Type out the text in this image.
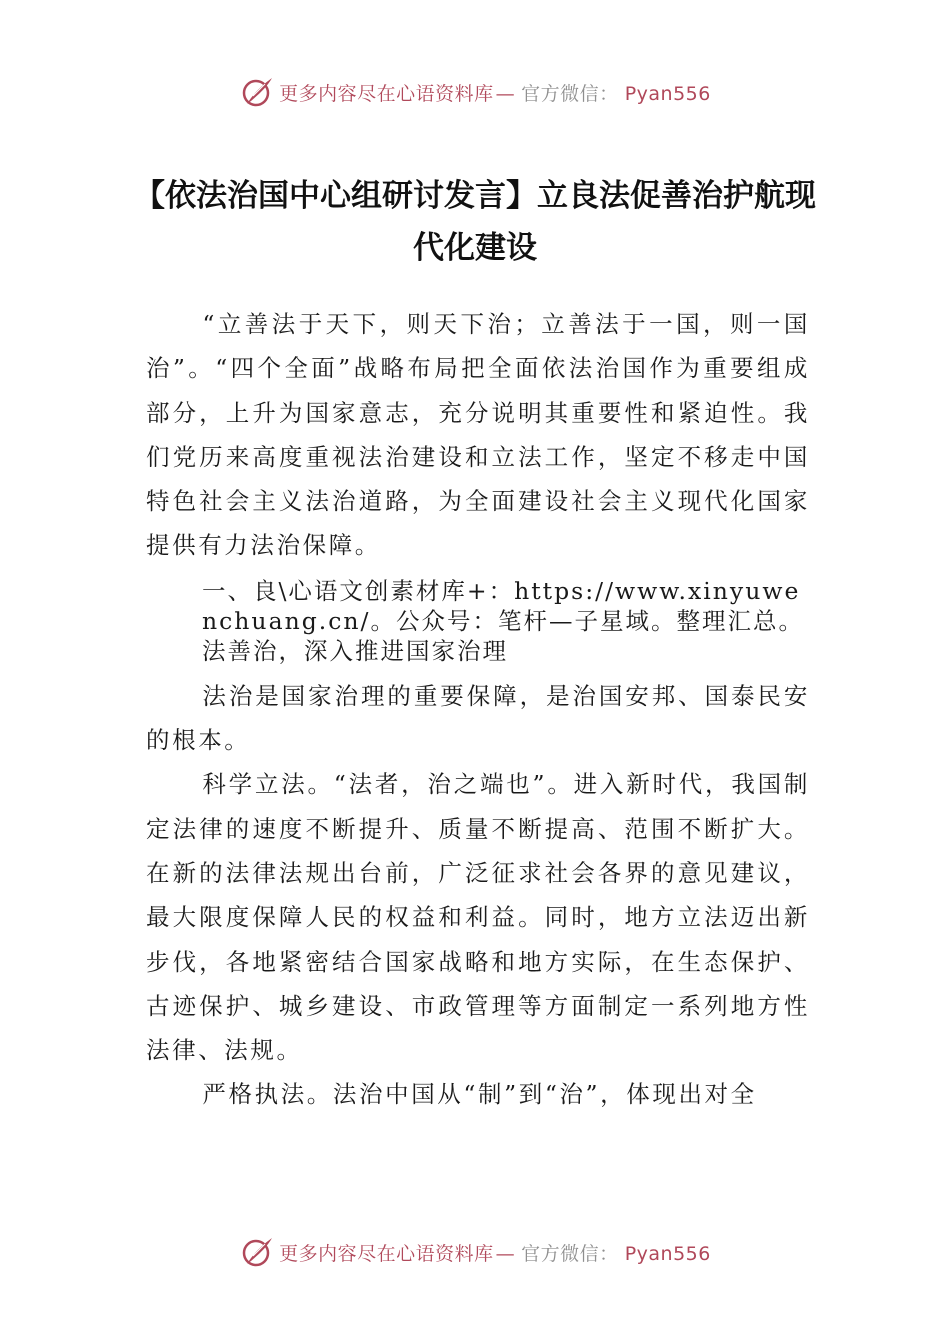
更多内容尽在心语资料库 — 官方微信： Pyan556
【依法治国中心组研讨发言】立良法促善治护航现代化建设

“立善法于天下，则天下治；立善法于一国，则一国治”。“四个全面”战略布局把全面依法治国作为重要组成部分，上升为国家意志，充分说明其重要性和紧迫性。我们党历来高度重视法治建设和立法工作，坚定不移走中国特色社会主义法治道路，为全面建设社会主义现代化国家提供有力法治保障。

一、良\心语文创素材库+：https://www.xinyuwenchuang.cn/。公众号：笔杆—子星域。整理汇总。法善治，深入推进国家治理

法治是国家治理的重要保障，是治国安邦、国泰民安的根本。

科学立法。“法者，治之端也”。进入新时代，我国制定法律的速度不断提升、质量不断提高、范围不断扩大。在新的法律法规出台前，广泛征求社会各界的意见建议，最大限度保障人民的权益和利益。同时，地方立法迈出新步伐，各地紧密结合国家战略和地方实际，在生态保护、古迹保护、城乡建设、市政管理等方面制定一系列地方性法律、法规。

严格执法。法治中国从“制”到“治”，体现出对全

更多内容尽在心语资料库 — 官方微信： Pyan556
